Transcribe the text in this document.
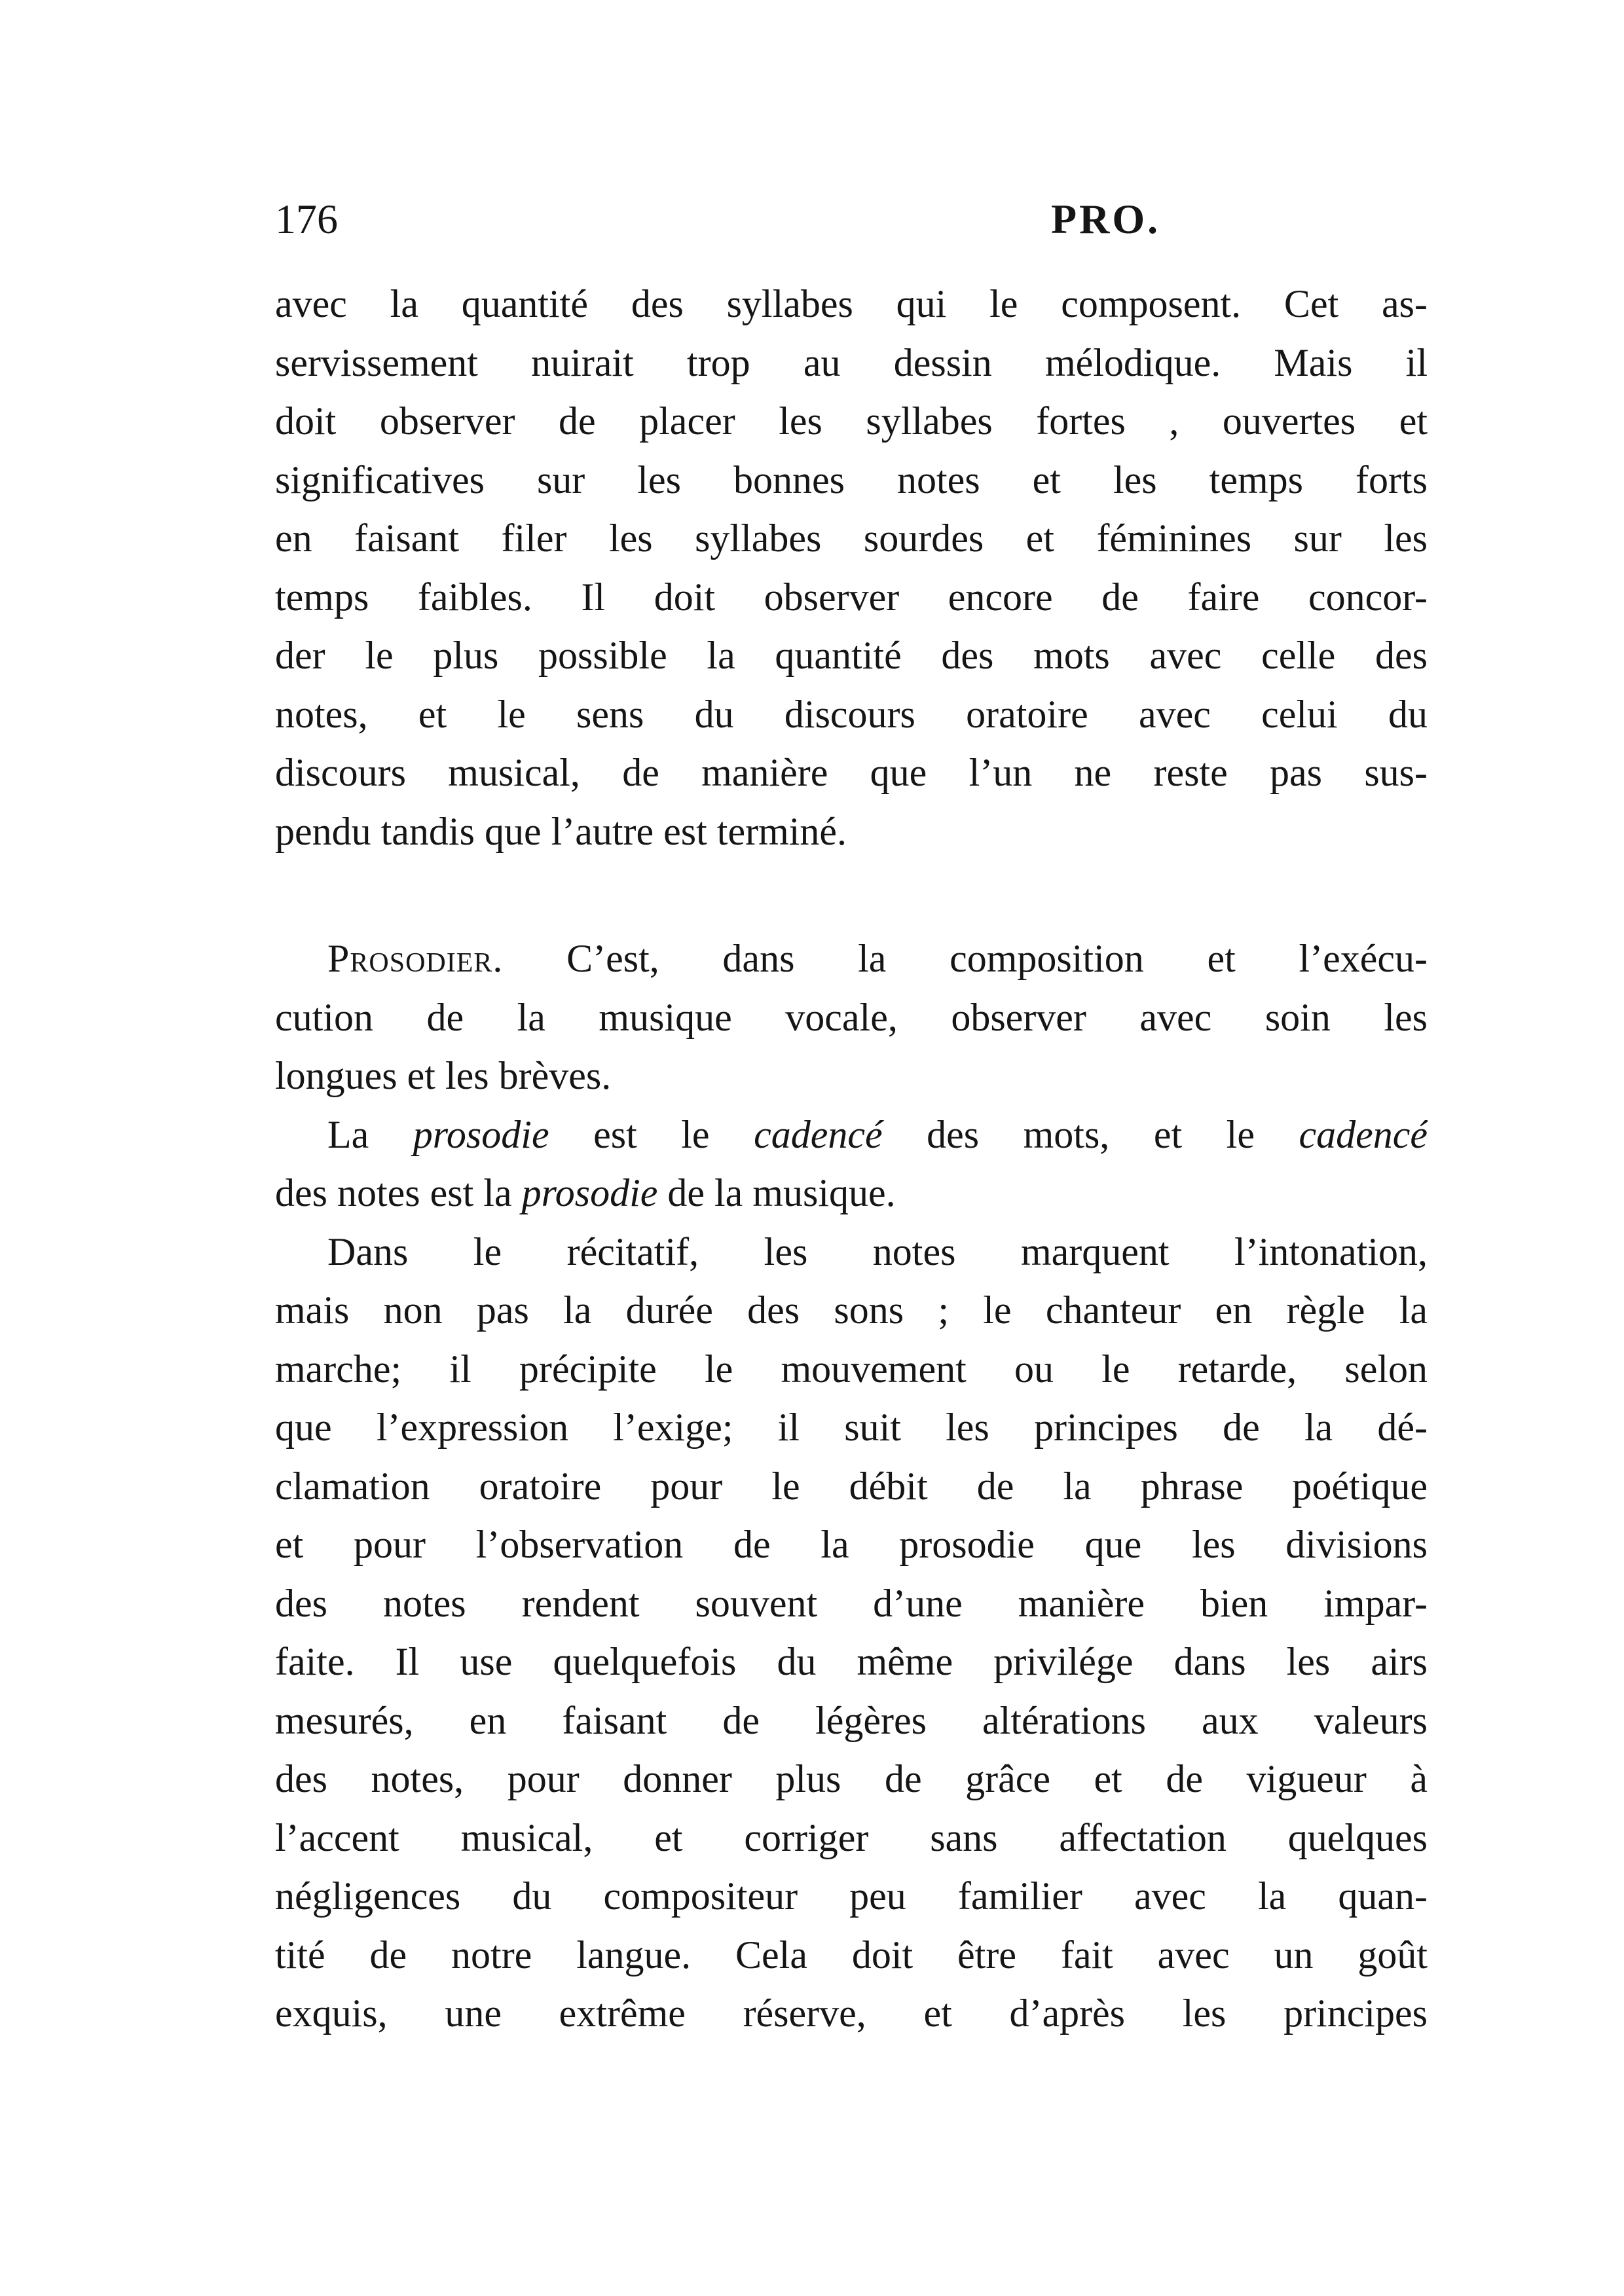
176	PRO.
avec la quantité des syllabes qui le composent. Cet as-
servissement nuirait trop au dessin mélodique. Mais il
doit observer de placer les syllabes fortes , ouvertes et
significatives sur les bonnes notes et les temps forts
en faisant filer les syllabes sourdes et féminines sur les
temps faibles. Il doit observer encore de faire concor-
der le plus possible la quantité des mots avec celle des
notes, et le sens du discours oratoire avec celui du
discours musical, de manière que l’un ne reste pas sus-
pendu tandis que l’autre est terminé.
Prosodier. C’est, dans la composition et l’exécu-
cution de la musique vocale, observer avec soin les
longues et les brèves.
La prosodie est le cadencé des mots, et le cadencé
des notes est la prosodie de la musique.
Dans le récitatif, les notes marquent l’intonation,
mais non pas la durée des sons ; le chanteur en règle la
marche; il précipite le mouvement ou le retarde, selon
que l’expression l’exige; il suit les principes de la dé-
clamation oratoire pour le débit de la phrase poétique
et pour l’observation de la prosodie que les divisions
des notes rendent souvent d’une manière bien impar-
faite. Il use quelquefois du même privilége dans les airs
mesurés, en faisant de légères altérations aux valeurs
des notes, pour donner plus de grâce et de vigueur à
l’accent musical, et corriger sans affectation quelques
négligences du compositeur peu familier avec la quan-
tité de notre langue. Cela doit être fait avec un goût
exquis, une extrême réserve, et d’après les principes
